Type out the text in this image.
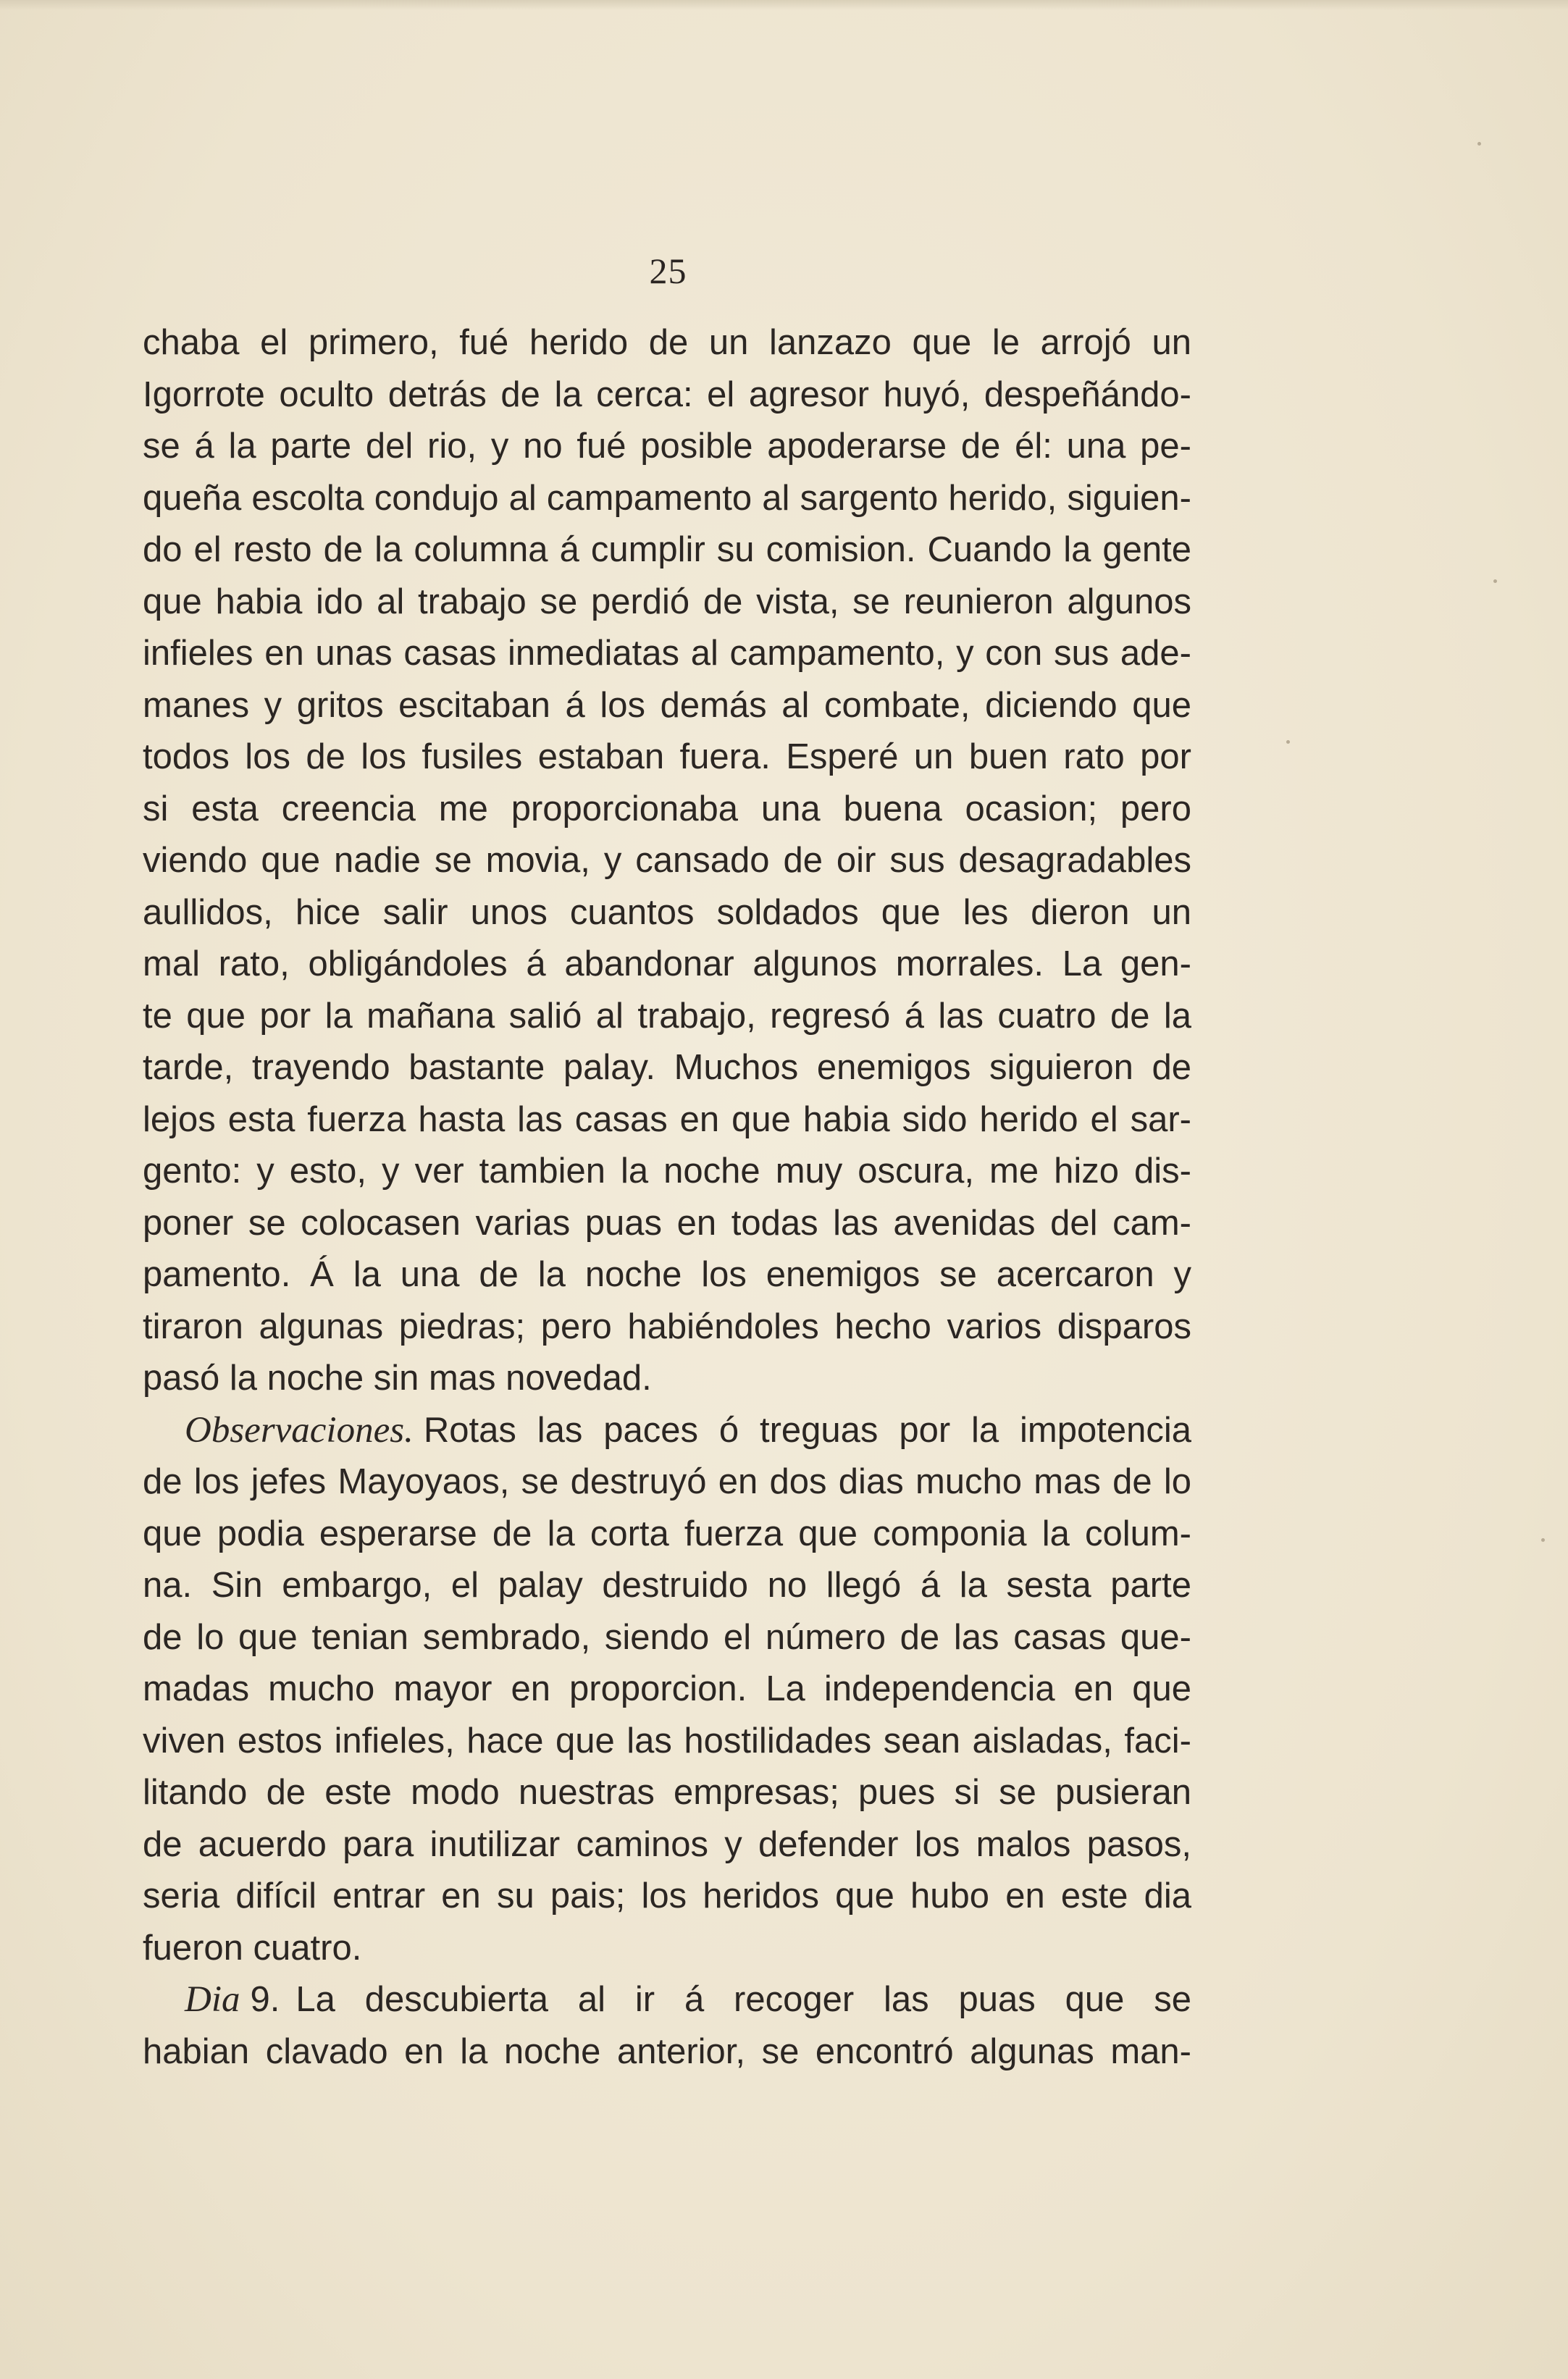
25
chaba el primero, fué herido de un lanzazo que le arrojó un
Igorrote oculto detrás de la cerca: el agresor huyó, despeñándo-
se á la parte del rio, y no fué posible apoderarse de él: una pe-
queña escolta condujo al campamento al sargento herido, siguien-
do el resto de la columna á cumplir su comision. Cuando la gente
que habia ido al trabajo se perdió de vista, se reunieron algunos
infieles en unas casas inmediatas al campamento, y con sus ade-
manes y gritos escitaban á los demás al combate, diciendo que
todos los de los fusiles estaban fuera. Esperé un buen rato por
si esta creencia me proporcionaba una buena ocasion; pero
viendo que nadie se movia, y cansado de oir sus desagradables
aullidos, hice salir unos cuantos soldados que les dieron un
mal rato, obligándoles á abandonar algunos morrales. La gen-
te que por la mañana salió al trabajo, regresó á las cuatro de la
tarde, trayendo bastante palay. Muchos enemigos siguieron de
lejos esta fuerza hasta las casas en que habia sido herido el sar-
gento: y esto, y ver tambien la noche muy oscura, me hizo dis-
poner se colocasen varias puas en todas las avenidas del cam-
pamento. Á la una de la noche los enemigos se acercaron y
tiraron algunas piedras; pero habiéndoles hecho varios disparos
pasó la noche sin mas novedad.
Observaciones. Rotas las paces ó treguas por la impotencia
de los jefes Mayoyaos, se destruyó en dos dias mucho mas de lo
que podia esperarse de la corta fuerza que componia la colum-
na. Sin embargo, el palay destruido no llegó á la sesta parte
de lo que tenian sembrado, siendo el número de las casas que-
madas mucho mayor en proporcion. La independencia en que
viven estos infieles, hace que las hostilidades sean aisladas, faci-
litando de este modo nuestras empresas; pues si se pusieran
de acuerdo para inutilizar caminos y defender los malos pasos,
seria difícil entrar en su pais; los heridos que hubo en este dia
fueron cuatro.
Dia 9. La descubierta al ir á recoger las puas que se
habian clavado en la noche anterior, se encontró algunas man-
